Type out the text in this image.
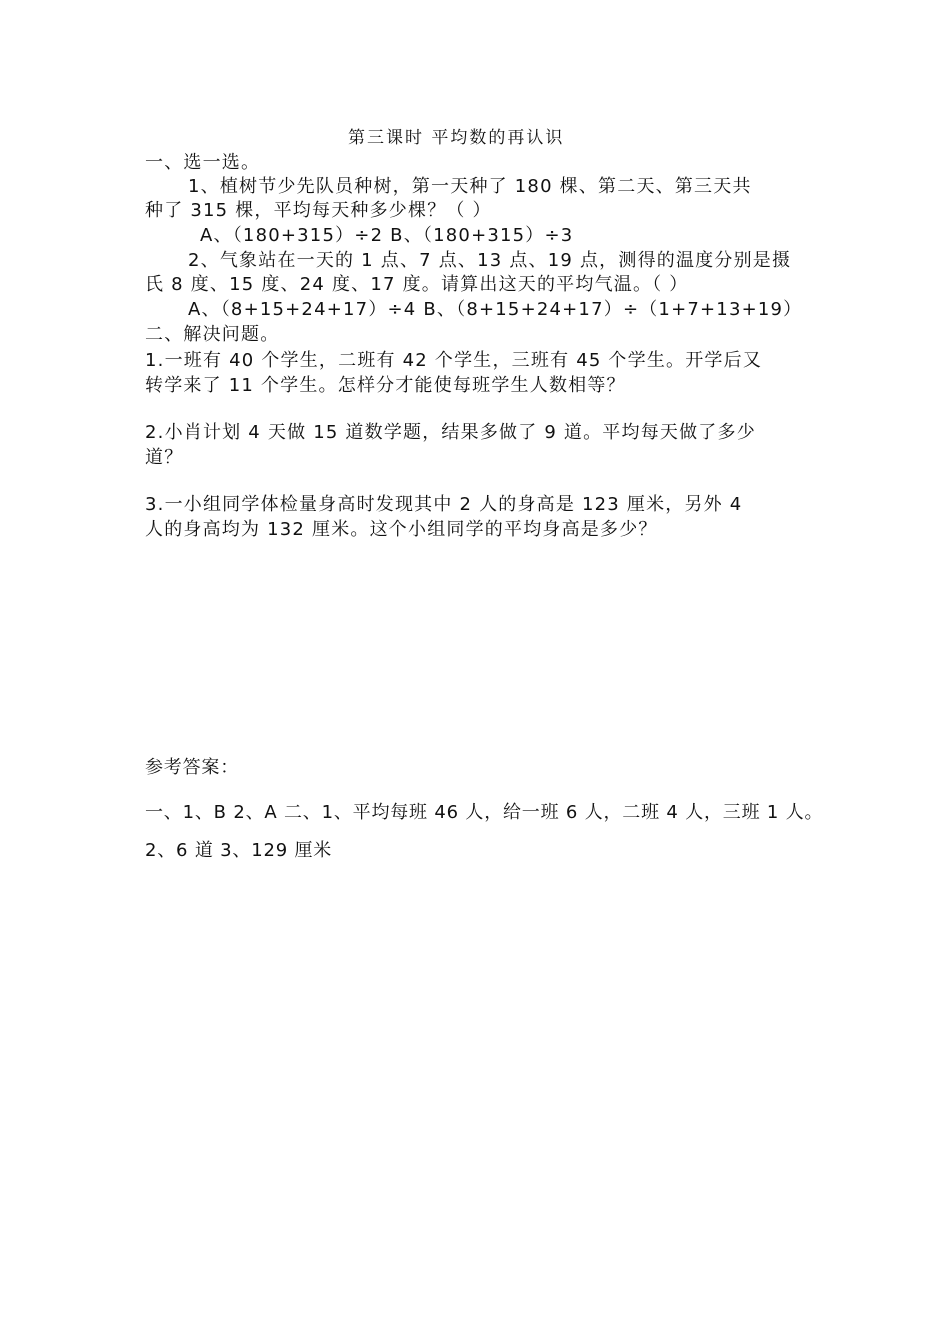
第三课时 平均数的再认识
一、选一选。
1、植树节少先队员种树，第一天种了 180 棵、第二天、第三天共
种了 315 棵，平均每天种多少棵？（ ）
A、（180+315）÷2 B、（180+315）÷3
2、气象站在一天的 1 点、7 点、13 点、19 点，测得的温度分别是摄
氏 8 度、15 度、24 度、17 度。请算出这天的平均气温。（ ）
A、（8+15+24+17）÷4 B、（8+15+24+17）÷（1+7+13+19）
二、解决问题。
1.一班有 40 个学生，二班有 42 个学生，三班有 45 个学生。开学后又
转学来了 11 个学生。怎样分才能使每班学生人数相等？
2.小肖计划 4 天做 15 道数学题，结果多做了 9 道。平均每天做了多少
道？
3.一小组同学体检量身高时发现其中 2 人的身高是 123 厘米，另外 4
人的身高均为 132 厘米。这个小组同学的平均身高是多少？
参考答案：
一、1、B 2、A 二、1、平均每班 46 人，给一班 6 人，二班 4 人，三班 1 人。
2、6 道 3、129 厘米
